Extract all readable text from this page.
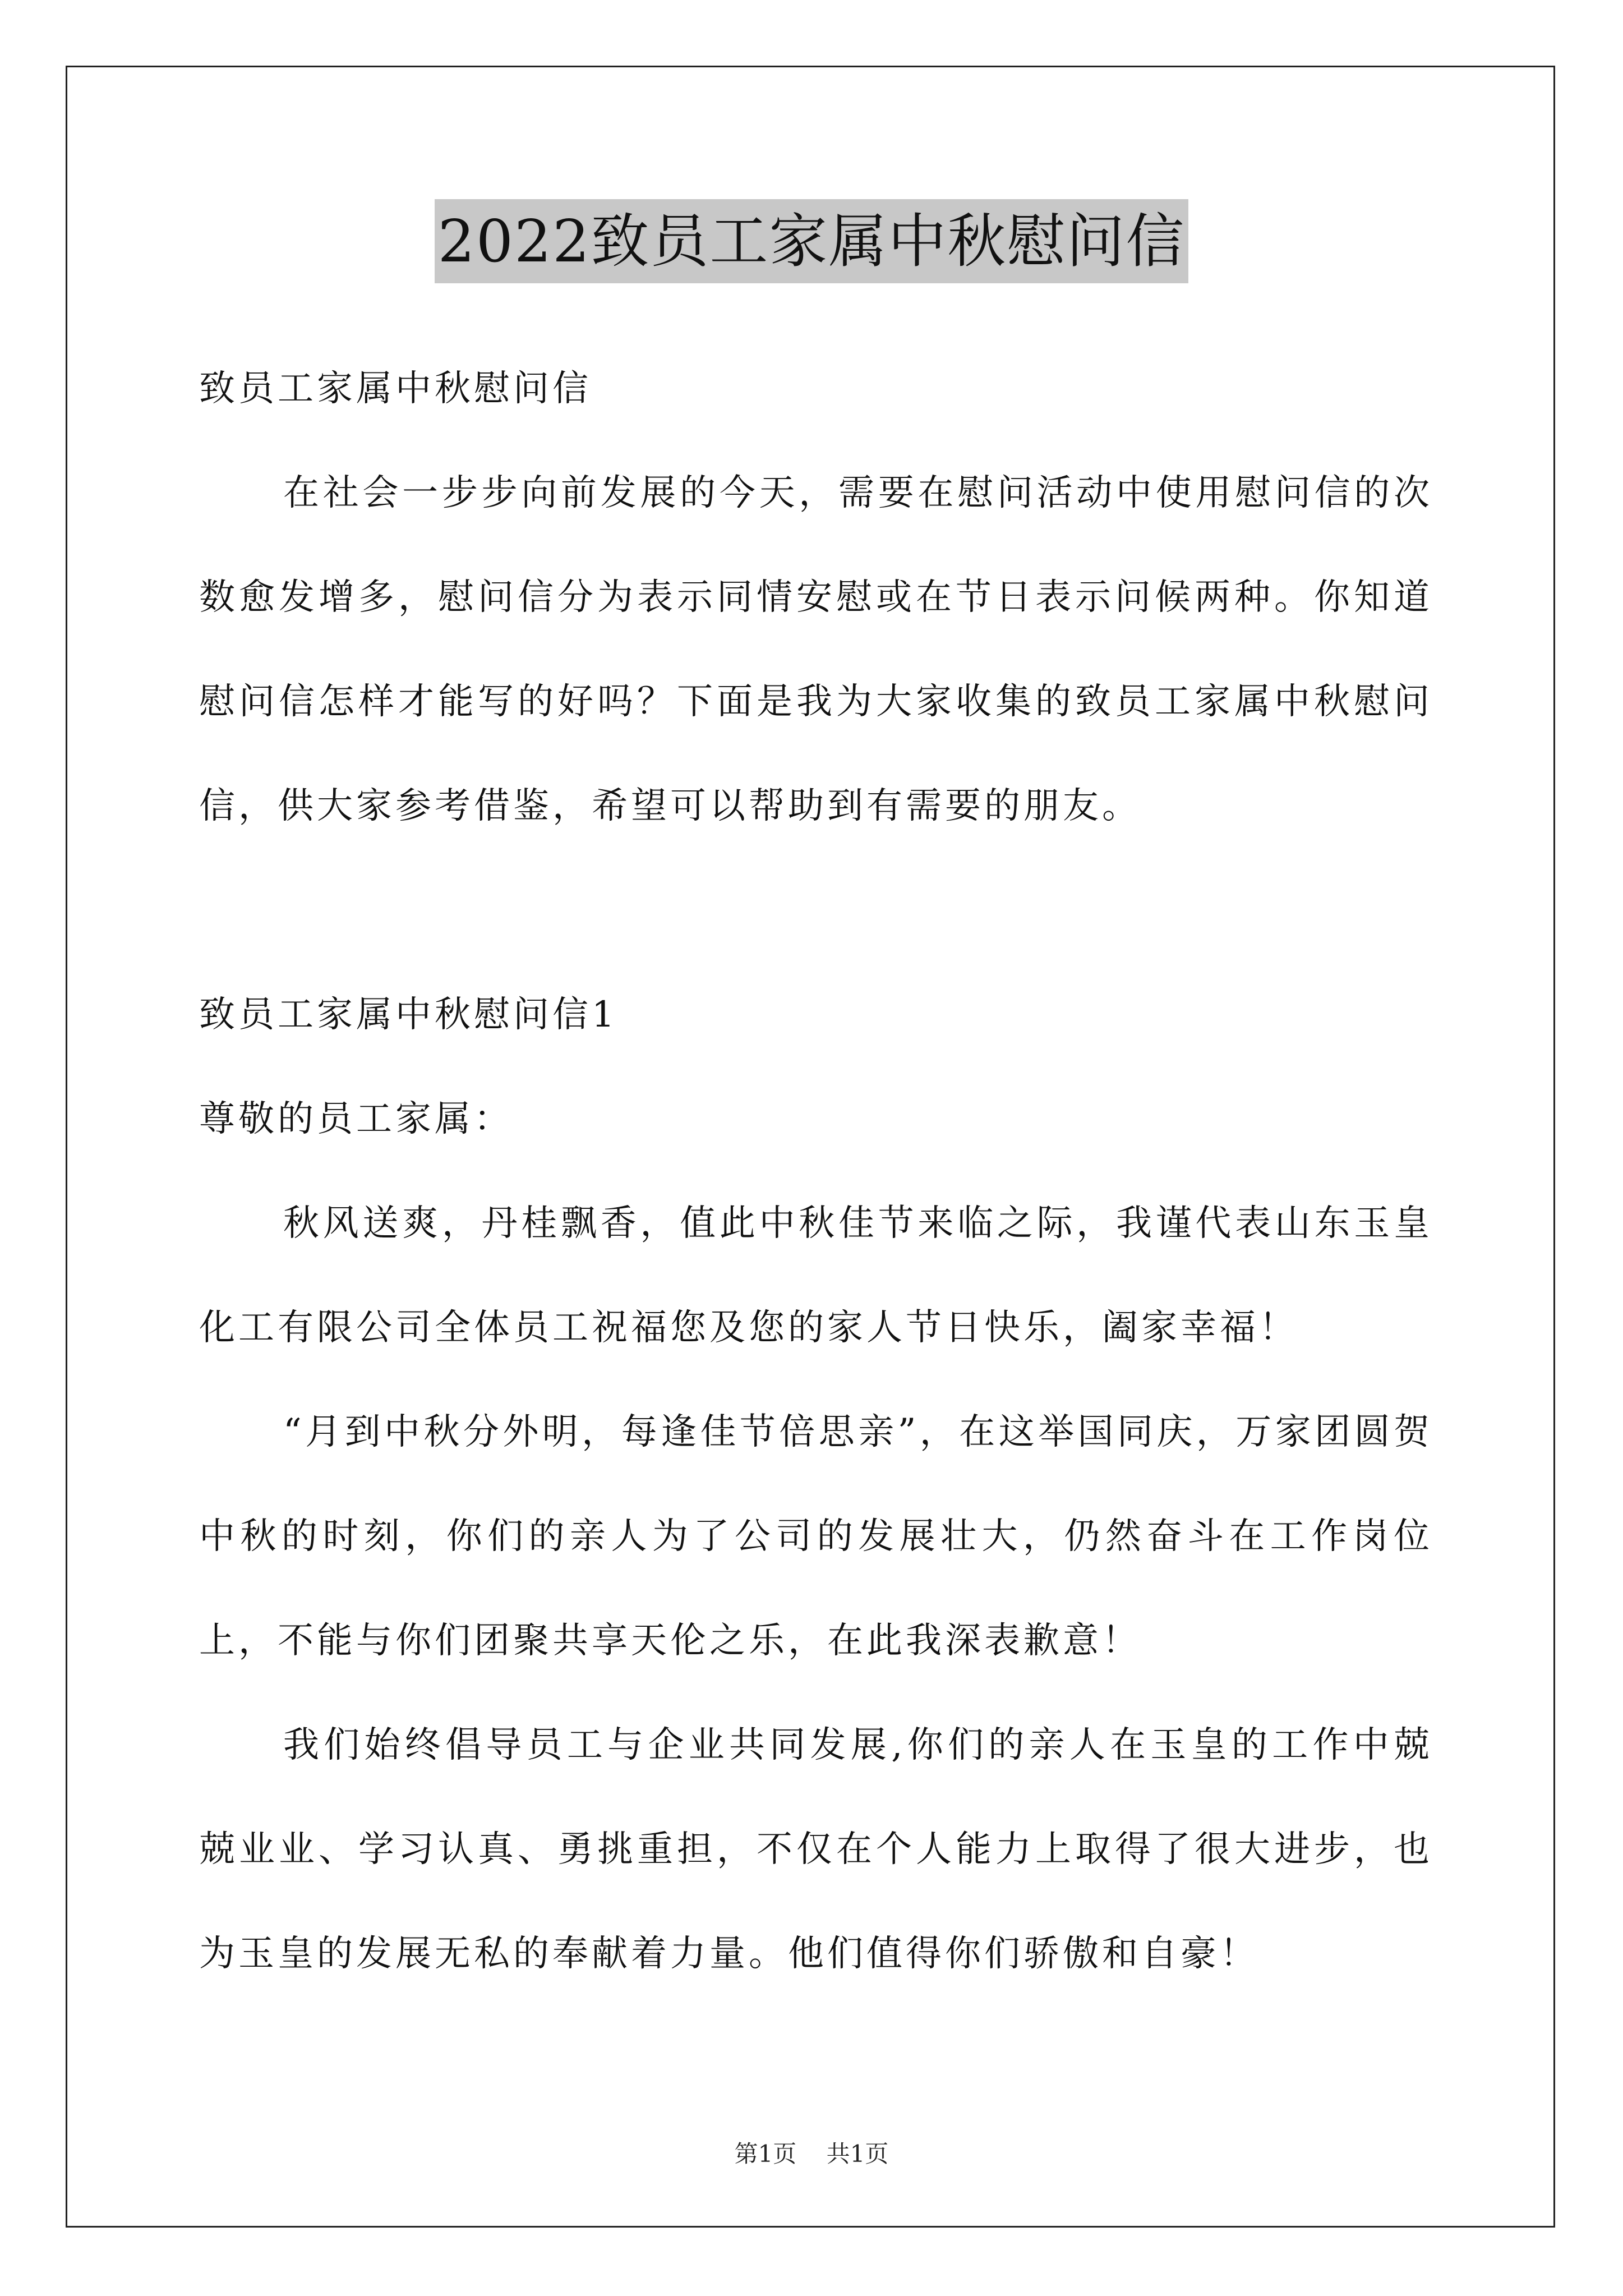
2022致员工家属中秋慰问信

致员工家属中秋慰问信

在社会一步步向前发展的今天，需要在慰问活动中使用慰问信的次数愈发增多，慰问信分为表示同情安慰或在节日表示问候两种。你知道慰问信怎样才能写的好吗？下面是我为大家收集的致员工家属中秋慰问信，供大家参考借鉴，希望可以帮助到有需要的朋友。

致员工家属中秋慰问信1

尊敬的员工家属：

秋风送爽，丹桂飘香，值此中秋佳节来临之际，我谨代表山东玉皇化工有限公司全体员工祝福您及您的家人节日快乐，阖家幸福！

“月到中秋分外明，每逢佳节倍思亲”，在这举国同庆，万家团圆贺中秋的时刻，你们的亲人为了公司的发展壮大，仍然奋斗在工作岗位上，不能与你们团聚共享天伦之乐，在此我深表歉意！

我们始终倡导员工与企业共同发展,你们的亲人在玉皇的工作中兢兢业业、学习认真、勇挑重担，不仅在个人能力上取得了很大进步，也为玉皇的发展无私的奉献着力量。他们值得你们骄傲和自豪！

第1页 共1页
